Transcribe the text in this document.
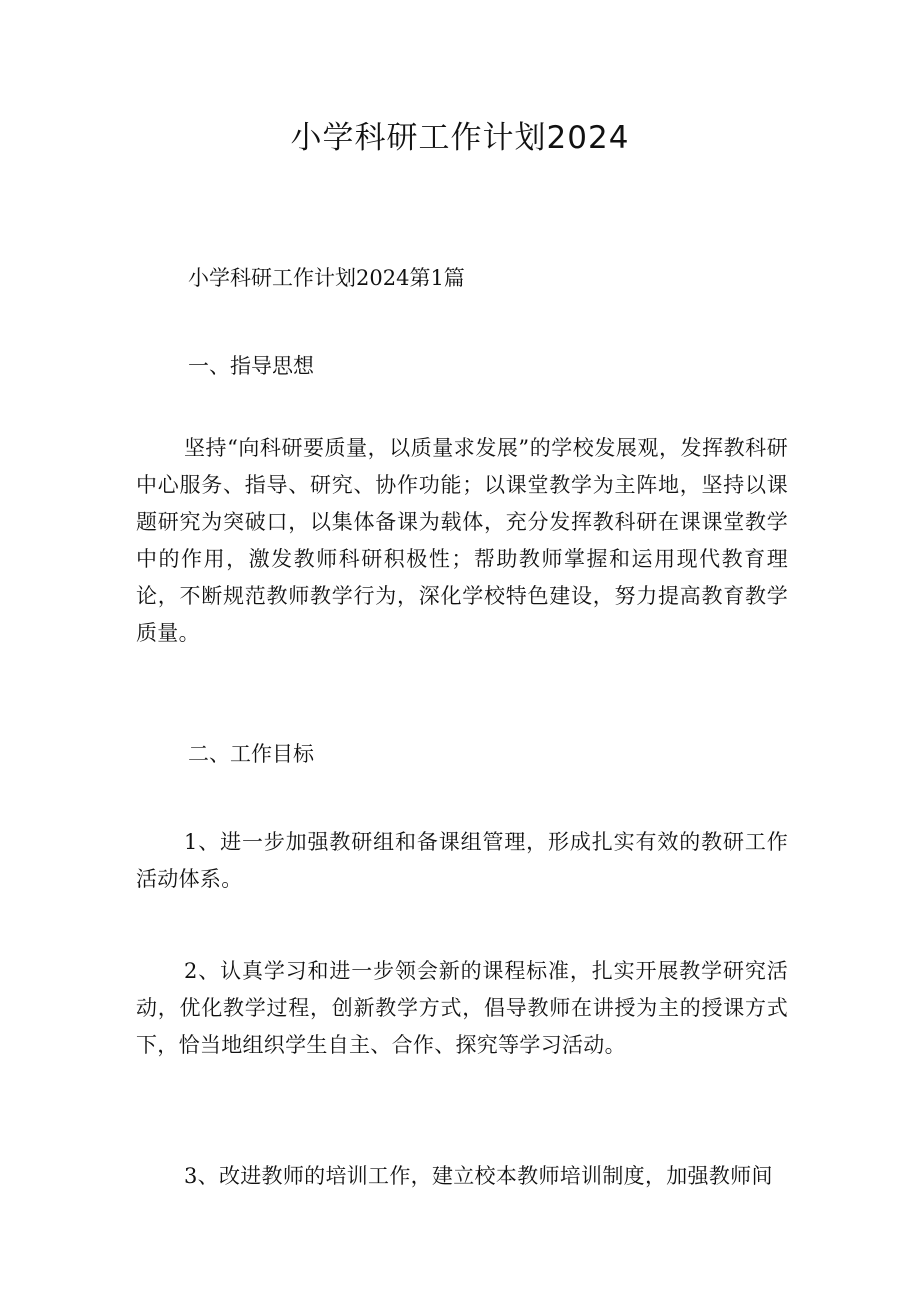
小学科研工作计划2024

小学科研工作计划2024第1篇

一、指导思想

坚持“向科研要质量，以质量求发展”的学校发展观，发挥教科研中心服务、指导、研究、协作功能；以课堂教学为主阵地，坚持以课题研究为突破口，以集体备课为载体，充分发挥教科研在课课堂教学中的作用，激发教师科研积极性；帮助教师掌握和运用现代教育理论，不断规范教师教学行为，深化学校特色建设，努力提高教育教学质量。

二、工作目标

1、进一步加强教研组和备课组管理，形成扎实有效的教研工作活动体系。

2、认真学习和进一步领会新的课程标准，扎实开展教学研究活动，优化教学过程，创新教学方式，倡导教师在讲授为主的授课方式下，恰当地组织学生自主、合作、探究等学习活动。

3、改进教师的培训工作，建立校本教师培训制度，加强教师间
